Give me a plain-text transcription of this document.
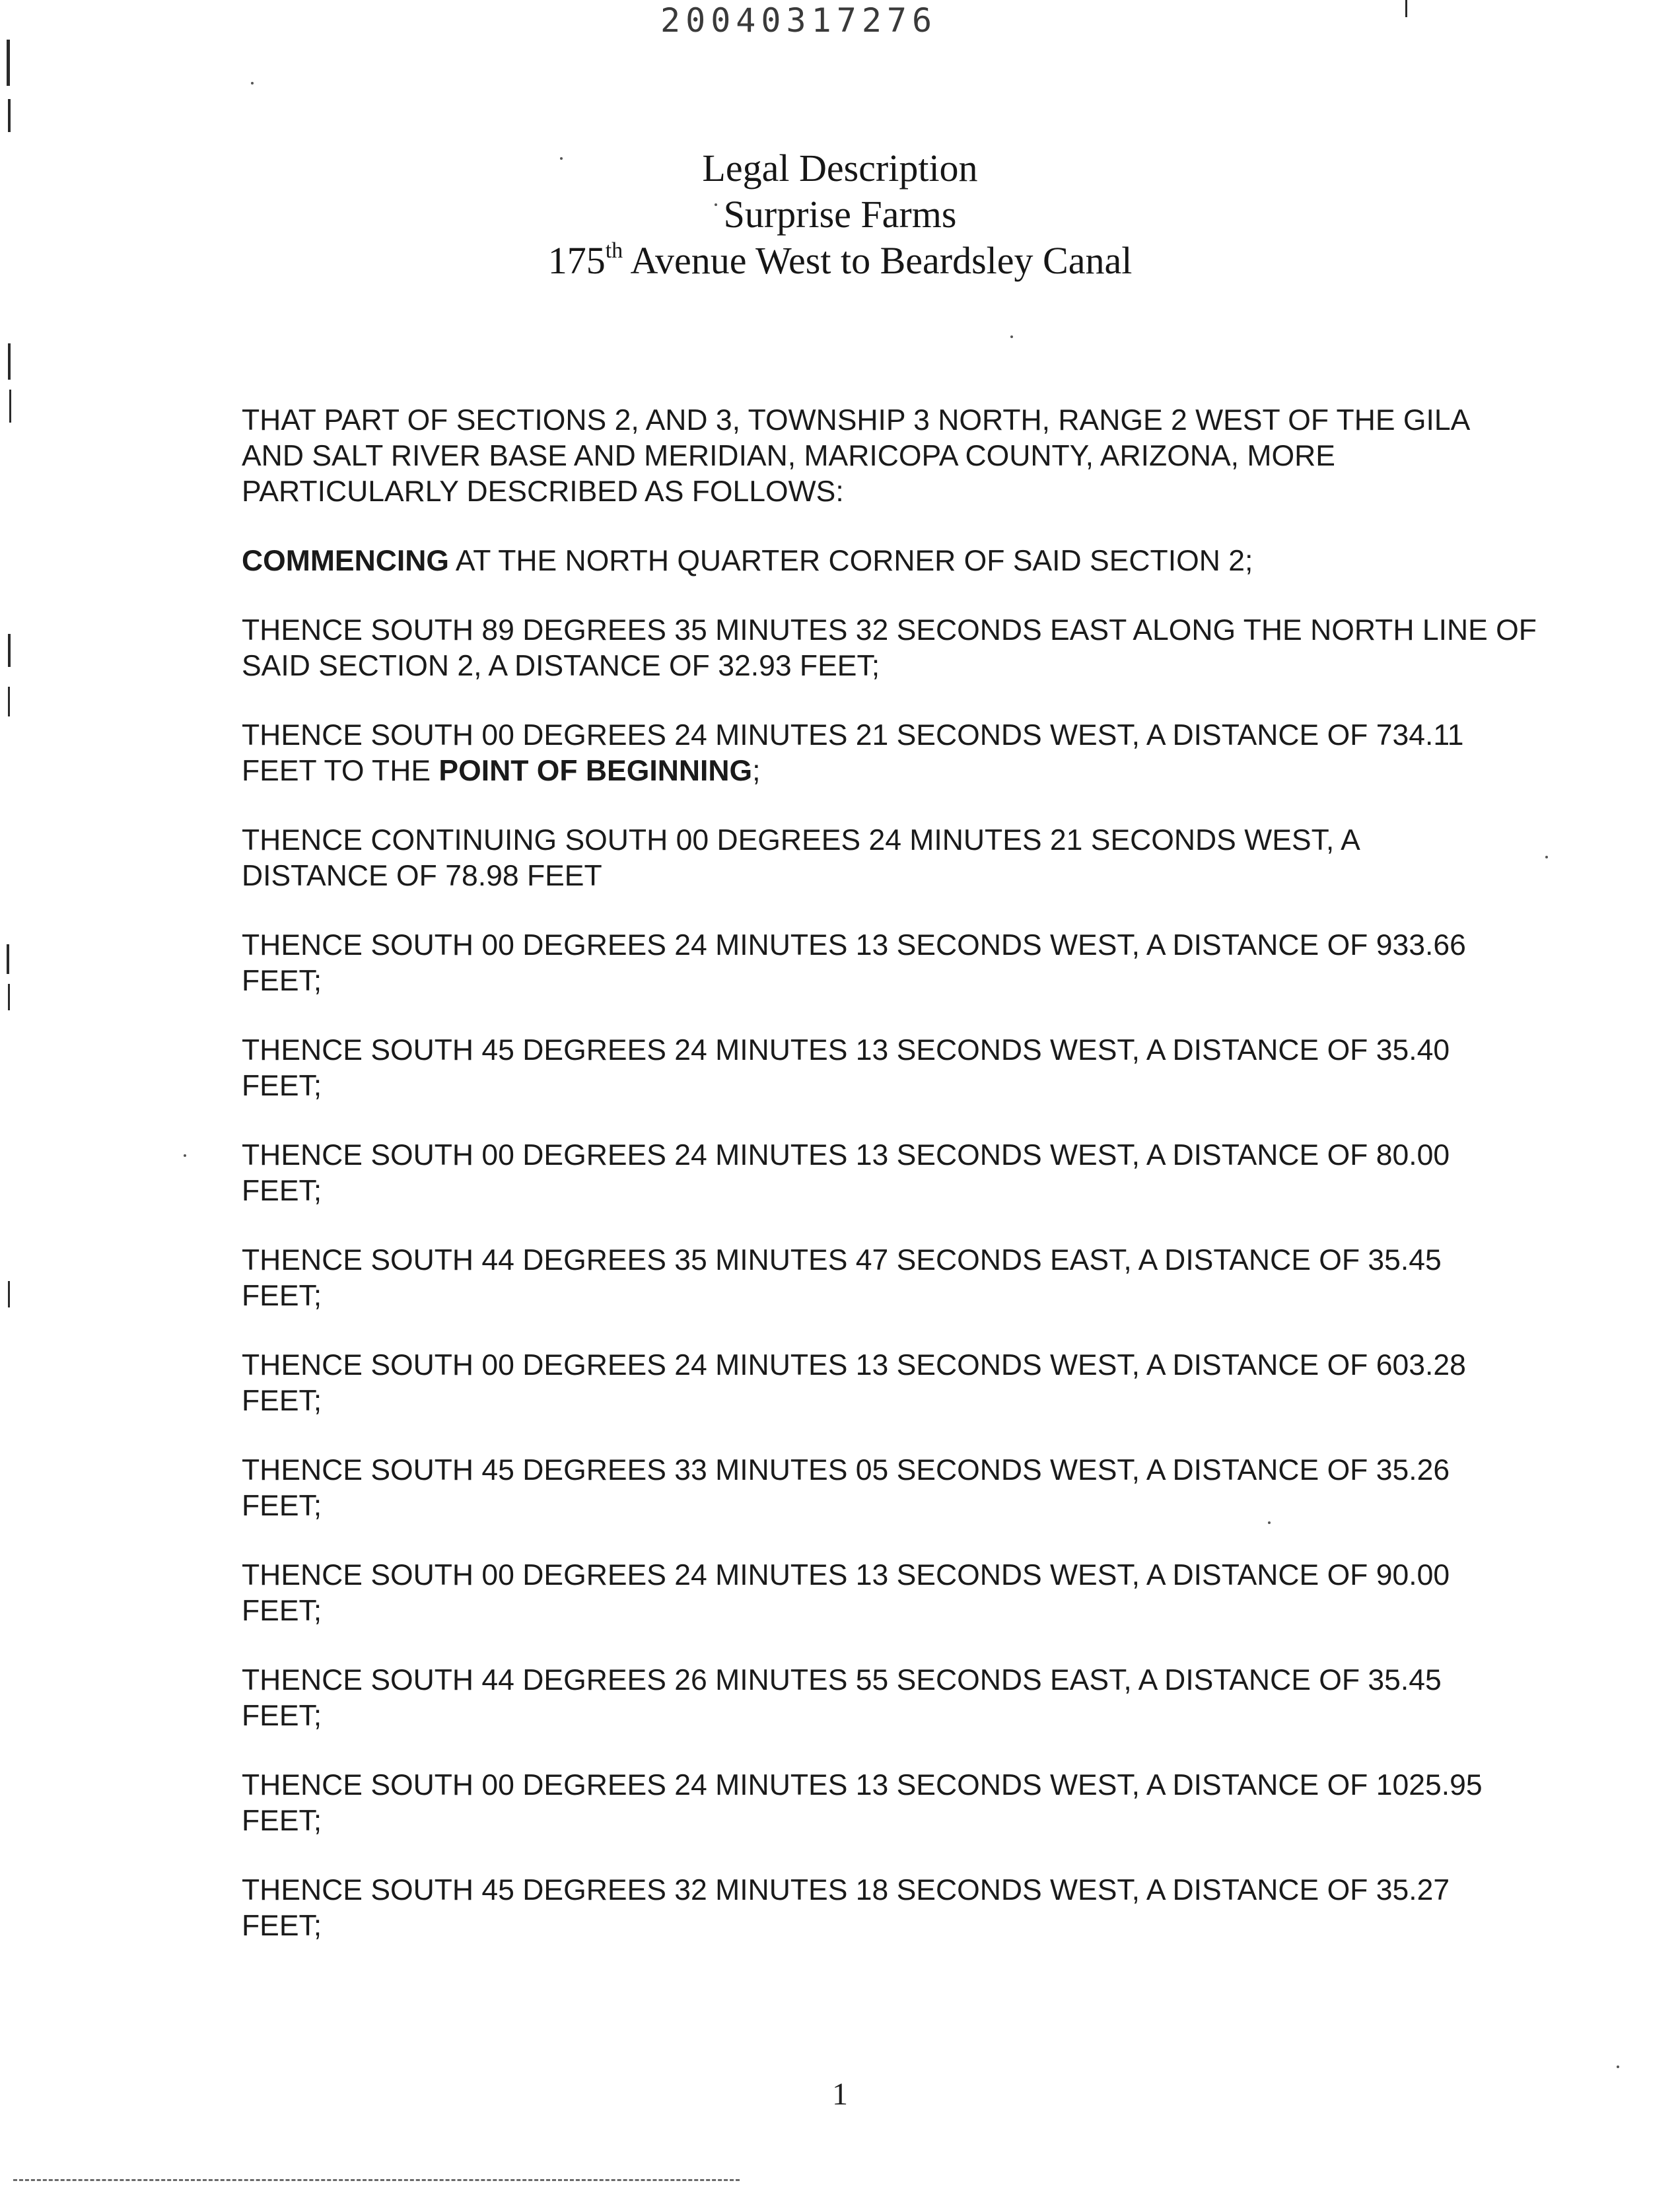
20040317276
Legal Description
Surprise Farms
175th Avenue West to Beardsley Canal
THAT PART OF SECTIONS 2, AND 3, TOWNSHIP 3 NORTH, RANGE 2 WEST OF THE GILA
AND SALT RIVER BASE AND MERIDIAN, MARICOPA COUNTY, ARIZONA, MORE
PARTICULARLY DESCRIBED AS FOLLOWS:
COMMENCING AT THE NORTH QUARTER CORNER OF SAID SECTION 2;
THENCE SOUTH 89 DEGREES 35 MINUTES 32 SECONDS EAST ALONG THE NORTH LINE OF
SAID SECTION 2, A DISTANCE OF 32.93 FEET;
THENCE SOUTH 00 DEGREES 24 MINUTES 21 SECONDS WEST, A DISTANCE OF 734.11
FEET TO THE POINT OF BEGINNING;
THENCE CONTINUING SOUTH 00 DEGREES 24 MINUTES 21 SECONDS WEST, A
DISTANCE OF 78.98 FEET
THENCE SOUTH 00 DEGREES 24 MINUTES 13 SECONDS WEST, A DISTANCE OF 933.66
FEET;
THENCE SOUTH 45 DEGREES 24 MINUTES 13 SECONDS WEST, A DISTANCE OF 35.40
FEET;
THENCE SOUTH 00 DEGREES 24 MINUTES 13 SECONDS WEST, A DISTANCE OF 80.00
FEET;
THENCE SOUTH 44 DEGREES 35 MINUTES 47 SECONDS EAST, A DISTANCE OF 35.45
FEET;
THENCE SOUTH 00 DEGREES 24 MINUTES 13 SECONDS WEST, A DISTANCE OF 603.28
FEET;
THENCE SOUTH 45 DEGREES 33 MINUTES 05 SECONDS WEST, A DISTANCE OF 35.26
FEET;
THENCE SOUTH 00 DEGREES 24 MINUTES 13 SECONDS WEST, A DISTANCE OF 90.00
FEET;
THENCE SOUTH 44 DEGREES 26 MINUTES 55 SECONDS EAST, A DISTANCE OF 35.45
FEET;
THENCE SOUTH 00 DEGREES 24 MINUTES 13 SECONDS WEST, A DISTANCE OF 1025.95
FEET;
THENCE SOUTH 45 DEGREES 32 MINUTES 18 SECONDS WEST, A DISTANCE OF 35.27
FEET;
1
